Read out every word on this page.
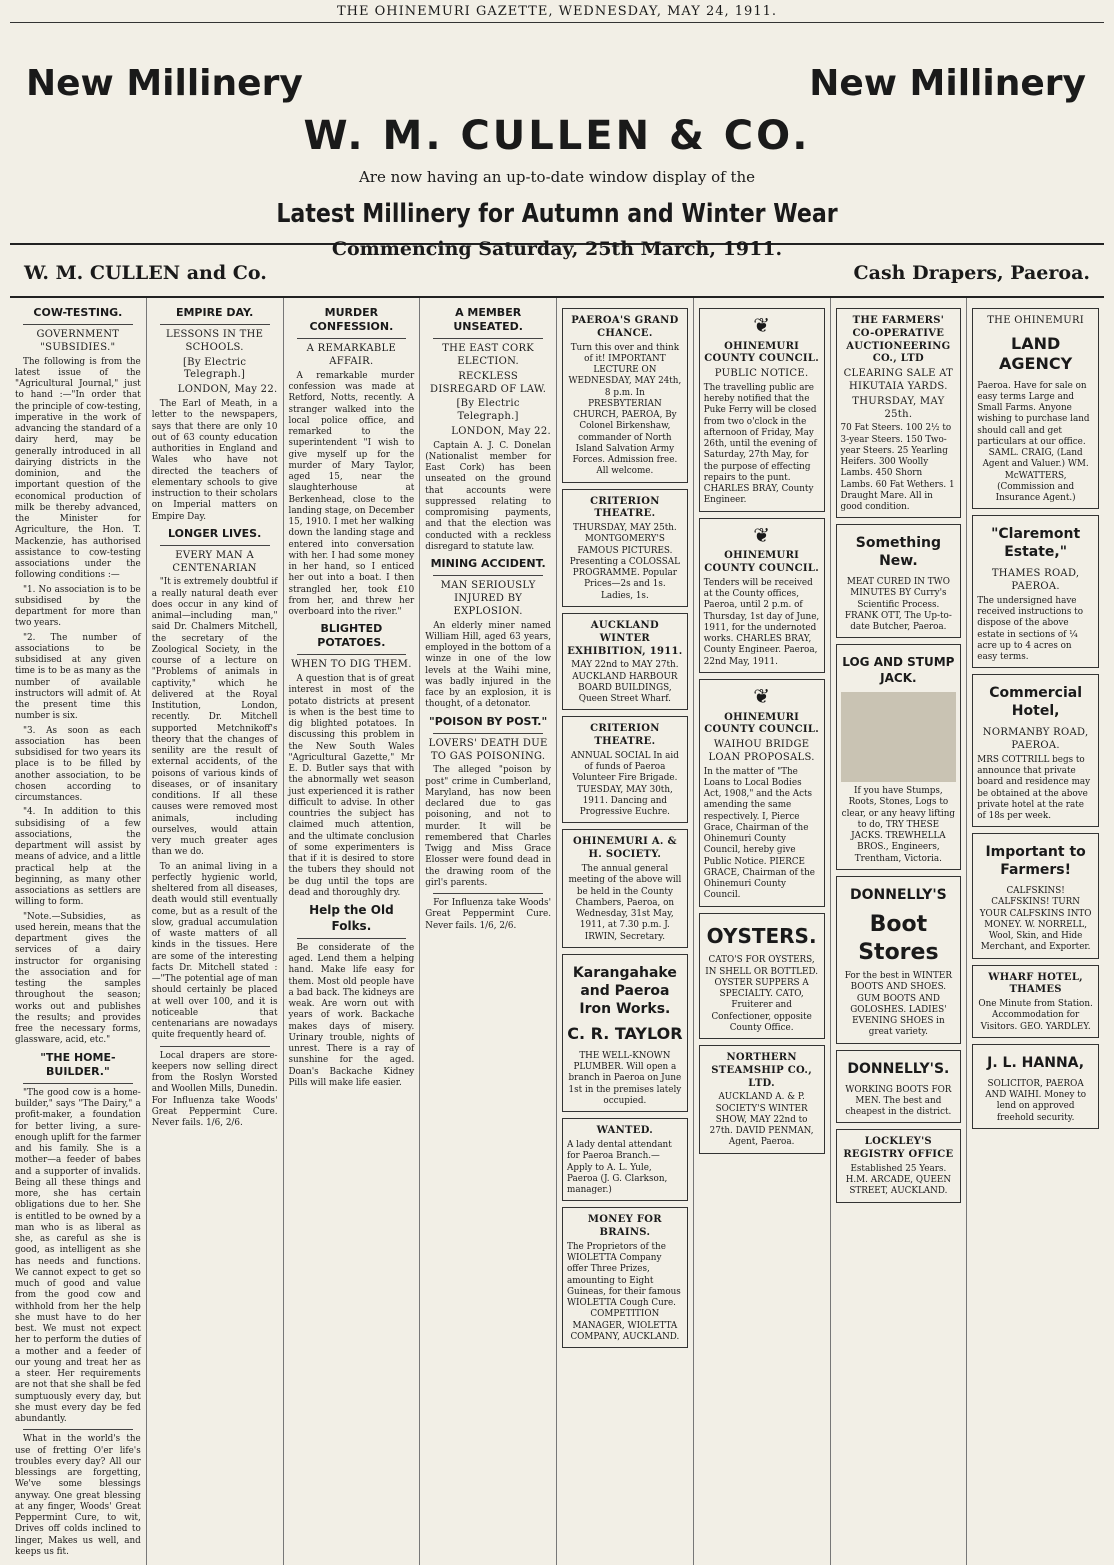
THE OHINEMURI GAZETTE, WEDNESDAY, MAY 24, 1911.
New Millinery	New Millinery
W. M. CULLEN & CO.
Are now having an up-to-date window display of the
Latest Millinery for Autumn and Winter Wear
Commencing Saturday, 25th March, 1911.
W. M. CULLEN and Co.	Cash Drapers, Paeroa.
COW-TESTING.
GOVERNMENT "SUBSIDIES."

The following is from the latest issue of the "Agricultural Journal," just to hand :—"In order that the principle of cow-testing, imperative in the work of advancing the standard of a dairy herd, may be generally introduced in all dairying districts in the dominion, and the important question of the economical production of milk be thereby advanced, the Minister for Agriculture, the Hon. T. Mackenzie, has authorised assistance to cow-testing associations under the following conditions :—

"1. No association is to be subsidised by the department for more than two years.

"2. The number of associations to be subsidised at any given time is to be as many as the number of available instructors will admit of. At the present time this number is six.

"3. As soon as each association has been subsidised for two years its place is to be filled by another association, to be chosen according to circumstances.

"4. In addition to this subsidising of a few associations, the department will assist by means of advice, and a little practical help at the beginning, as many other associations as settlers are willing to form.

"Note.—Subsidies, as used herein, means that the department gives the services of a dairy instructor for organising the association and for testing the samples throughout the season; works out and publishes the results; and provides free the necessary forms, glassware, acid, etc."

"THE HOME-BUILDER."

"The good cow is a home-builder," says "The Dairy," a profit-maker, a foundation for better living, a sure-enough uplift for the farmer and his family. She is a mother—a feeder of babes and a supporter of invalids. Being all these things and more, she has certain obligations due to her. She is entitled to be owned by a man who is as liberal as she, as careful as she is good, as intelligent as she has needs and functions. We cannot expect to get so much of good and value from the good cow and withhold from her the help she must have to do her best. We must not expect her to perform the duties of a mother and a feeder of our young and treat her as a steer. Her requirements are not that she shall be fed sumptuously every day, but she must every day be fed abundantly.

What in the world's the use of fretting O'er life's troubles every day? All our blessings are forgetting, We've some blessings anyway. One great blessing at any finger, Woods' Great Peppermint Cure, to wit, Drives off colds inclined to linger, Makes us well, and keeps us fit.

EMPIRE DAY.
LESSONS IN THE SCHOOLS.
[By Electric Telegraph.]
LONDON, May 22.

The Earl of Meath, in a letter to the newspapers, says that there are only 10 out of 63 county education authorities in England and Wales who have not directed the teachers of elementary schools to give instruction to their scholars on Imperial matters on Empire Day.

LONGER LIVES.
EVERY MAN A CENTENARIAN

"It is extremely doubtful if a really natural death ever does occur in any kind of animal—including man," said Dr. Chalmers Mitchell, the secretary of the Zoological Society, in the course of a lecture on "Problems of animals in captivity," which he delivered at the Royal Institution, London, recently. Dr. Mitchell supported Metchnikoff's theory that the changes of senility are the result of external accidents, of the poisons of various kinds of diseases, or of insanitary conditions. If all these causes were removed most animals, including ourselves, would attain very much greater ages than we do.

To an animal living in a perfectly hygienic world, sheltered from all diseases, death would still eventually come, but as a result of the slow, gradual accumulation of waste matters of all kinds in the tissues. Here are some of the interesting facts Dr. Mitchell stated :—"The potential age of man should certainly be placed at well over 100, and it is noticeable that centenarians are nowadays quite frequently heard of.

Local drapers are store-keepers now selling direct from the Roslyn Worsted and Woollen Mills, Dunedin. For Influenza take Woods' Great Peppermint Cure. Never fails. 1/6, 2/6.

MURDER CONFESSION.
A REMARKABLE AFFAIR.

A remarkable murder confession was made at Retford, Notts, recently. A stranger walked into the local police office, and remarked to the superintendent "I wish to give myself up for the murder of Mary Taylor, aged 15, near the slaughterhouse at Berkenhead, close to the landing stage, on December 15, 1910. I met her walking down the landing stage and entered into conversation with her. I had some money in her hand, so I enticed her out into a boat. I then strangled her, took £10 from her, and threw her overboard into the river."

BLIGHTED POTATOES.
WHEN TO DIG THEM.

A question that is of great interest in most of the potato districts at present is when is the best time to dig blighted potatoes. In discussing this problem in the New South Wales "Agricultural Gazette," Mr E. D. Butler says that with the abnormally wet season just experienced it is rather difficult to advise. In other countries the subject has claimed much attention, and the ultimate conclusion of some experimenters is that if it is desired to store the tubers they should not be dug until the tops are dead and thoroughly dry.

Help the Old Folks.

Be considerate of the aged. Lend them a helping hand. Make life easy for them. Most old people have a bad back. The kidneys are weak. Are worn out with years of work. Backache makes days of misery. Urinary trouble, nights of unrest. There is a ray of sunshine for the aged. Doan's Backache Kidney Pills will make life easier.

A MEMBER UNSEATED.
THE EAST CORK ELECTION.
RECKLESS DISREGARD OF LAW.
[By Electric Telegraph.]
LONDON, May 22.

Captain A. J. C. Donelan (Nationalist member for East Cork) has been unseated on the ground that accounts were suppressed relating to compromising payments, and that the election was conducted with a reckless disregard to statute law.

MINING ACCIDENT.
MAN SERIOUSLY INJURED BY EXPLOSION.

An elderly miner named William Hill, aged 63 years, employed in the bottom of a winze in one of the low levels at the Waihi mine, was badly injured in the face by an explosion, it is thought, of a detonator.

"POISON BY POST."
LOVERS' DEATH DUE TO GAS POISONING.

The alleged "poison by post" crime in Cumberland, Maryland, has now been declared due to gas poisoning, and not to murder. It will be remembered that Charles Twigg and Miss Grace Elosser were found dead in the drawing room of the girl's parents.

For Influenza take Woods' Great Peppermint Cure. Never fails. 1/6, 2/6.

PAEROA'S GRAND CHANCE.
Turn this over and think of it! IMPORTANT LECTURE ON WEDNESDAY, MAY 24th, 8 p.m. In PRESBYTERIAN CHURCH, PAEROA, By Colonel Birkenshaw, commander of North Island Salvation Army Forces. Admission free. All welcome.
CRITERION THEATRE.
THURSDAY, MAY 25th. MONTGOMERY'S FAMOUS PICTURES. Presenting a COLOSSAL PROGRAMME. Popular Prices—2s and 1s. Ladies, 1s.
AUCKLAND WINTER EXHIBITION, 1911.
MAY 22nd to MAY 27th. AUCKLAND HARBOUR BOARD BUILDINGS, Queen Street Wharf.
CRITERION THEATRE.
ANNUAL SOCIAL In aid of funds of Paeroa Volunteer Fire Brigade. TUESDAY, MAY 30th, 1911. Dancing and Progressive Euchre.
OHINEMURI A. & H. SOCIETY.
The annual general meeting of the above will be held in the County Chambers, Paeroa, on Wednesday, 31st May, 1911, at 7.30 p.m. J. IRWIN, Secretary.
Karangahake and Paeroa Iron Works.
C. R. TAYLOR
THE WELL-KNOWN PLUMBER. Will open a branch in Paeroa on June 1st in the premises lately occupied.
WANTED.
A lady dental attendant for Paeroa Branch.—Apply to A. L. Yule, Paeroa (J. G. Clarkson, manager.)
MONEY FOR BRAINS.
The Proprietors of the WIOLETTA Company offer Three Prizes, amounting to Eight Guineas, for their famous WIOLETTA Cough Cure.
COMPETITION MANAGER, WIOLETTA COMPANY, AUCKLAND.
❦
OHINEMURI COUNTY COUNCIL.
PUBLIC NOTICE.
The travelling public are hereby notified that the Puke Ferry will be closed from two o'clock in the afternoon of Friday, May 26th, until the evening of Saturday, 27th May, for the purpose of effecting repairs to the punt. CHARLES BRAY, County Engineer.
❦
OHINEMURI COUNTY COUNCIL.
Tenders will be received at the County offices, Paeroa, until 2 p.m. of Thursday, 1st day of June, 1911, for the undernoted works. CHARLES BRAY, County Engineer. Paeroa, 22nd May, 1911.
❦
OHINEMURI COUNTY COUNCIL.
WAIHOU BRIDGE LOAN PROPOSALS.
In the matter of "The Loans to Local Bodies Act, 1908," and the Acts amending the same respectively. I, Pierce Grace, Chairman of the Ohinemuri County Council, hereby give Public Notice. PIERCE GRACE, Chairman of the Ohinemuri County Council.
OYSTERS.
CATO'S FOR OYSTERS, IN SHELL OR BOTTLED. OYSTER SUPPERS A SPECIALTY. CATO, Fruiterer and Confectioner, opposite County Office.
NORTHERN STEAMSHIP CO., LTD.
AUCKLAND A. & P. SOCIETY'S WINTER SHOW, MAY 22nd to 27th. DAVID PENMAN, Agent, Paeroa.
THE FARMERS' CO-OPERATIVE AUCTIONEERING CO., LTD
CLEARING SALE AT HIKUTAIA YARDS.
THURSDAY, MAY 25th.
70 Fat Steers. 100 2½ to 3-year Steers. 150 Two-year Steers. 25 Yearling Heifers. 300 Woolly Lambs. 450 Shorn Lambs. 60 Fat Wethers. 1 Draught Mare. All in good condition.
Something New.
MEAT CURED IN TWO MINUTES BY Curry's Scientific Process. FRANK OTT, The Up-to-date Butcher, Paeroa.
LOG AND STUMP JACK.
If you have Stumps, Roots, Stones, Logs to clear, or any heavy lifting to do, TRY THESE JACKS. TREWHELLA BROS., Engineers, Trentham, Victoria.
DONNELLY'S
Boot Stores
For the best in WINTER BOOTS AND SHOES. GUM BOOTS AND GOLOSHES. LADIES' EVENING SHOES in great variety.
DONNELLY'S.
WORKING BOOTS FOR MEN. The best and cheapest in the district.
LOCKLEY'S REGISTRY OFFICE
Established 25 Years. H.M. ARCADE, QUEEN STREET, AUCKLAND.
THE OHINEMURI
LAND AGENCY
Paeroa. Have for sale on easy terms Large and Small Farms. Anyone wishing to purchase land should call and get particulars at our office.
SAML. CRAIG, (Land Agent and Valuer.) WM. McWATTERS, (Commission and Insurance Agent.)
"Claremont Estate,"
THAMES ROAD, PAEROA.
The undersigned have received instructions to dispose of the above estate in sections of ¼ acre up to 4 acres on easy terms.
Commercial Hotel,
NORMANBY ROAD, PAEROA.
MRS COTTRILL begs to announce that private board and residence may be obtained at the above private hotel at the rate of 18s per week.
Important to Farmers!
CALFSKINS! CALFSKINS! TURN YOUR CALFSKINS INTO MONEY. W. NORRELL, Wool, Skin, and Hide Merchant, and Exporter.
WHARF HOTEL, THAMES
One Minute from Station. Accommodation for Visitors. GEO. YARDLEY.
J. L. HANNA,
SOLICITOR, PAEROA AND WAIHI. Money to lend on approved freehold security.
